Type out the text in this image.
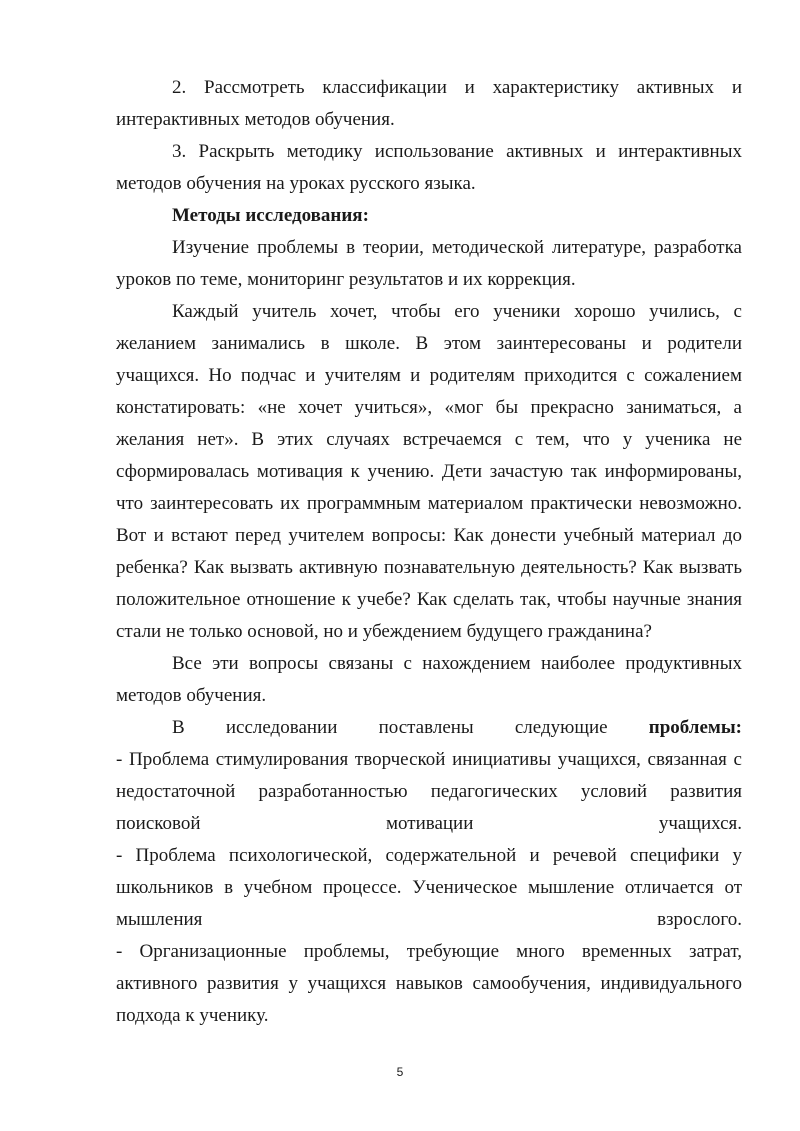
2. Рассмотреть классификации и характеристику активных и интерактивных методов обучения.

3. Раскрыть методику использование активных и интерактивных методов обучения на уроках русского языка.

Методы исследования:

Изучение проблемы в теории, методической литературе, разработка уроков по теме, мониторинг результатов и их коррекция.

Каждый учитель хочет, чтобы его ученики хорошо учились, с желанием занимались в школе. В этом заинтересованы и родители учащихся. Но подчас и учителям и родителям приходится с сожалением констатировать: «не хочет учиться», «мог бы прекрасно заниматься, а желания нет». В этих случаях встречаемся с тем, что у ученика не сформировалась мотивация к учению. Дети зачастую так информированы, что заинтересовать их программным материалом практически невозможно. Вот и встают перед учителем вопросы: Как донести учебный материал до ребенка? Как вызвать активную познавательную деятельность? Как вызвать положительное отношение к учебе? Как сделать так, чтобы научные знания стали не только основой, но и убеждением будущего гражданина?

Все эти вопросы связаны с нахождением наиболее продуктивных методов обучения.

В исследовании поставлены следующие проблемы:

- Проблема стимулирования творческой инициативы учащихся, связанная с недостаточной разработанностью педагогических условий развития поисковой мотивации учащихся.

- Проблема психологической, содержательной и речевой специфики у школьников в учебном процессе. Ученическое мышление отличается от мышления взрослого.

- Организационные проблемы, требующие много временных затрат, активного развития у учащихся навыков самообучения, индивидуального подхода к ученику.

5
